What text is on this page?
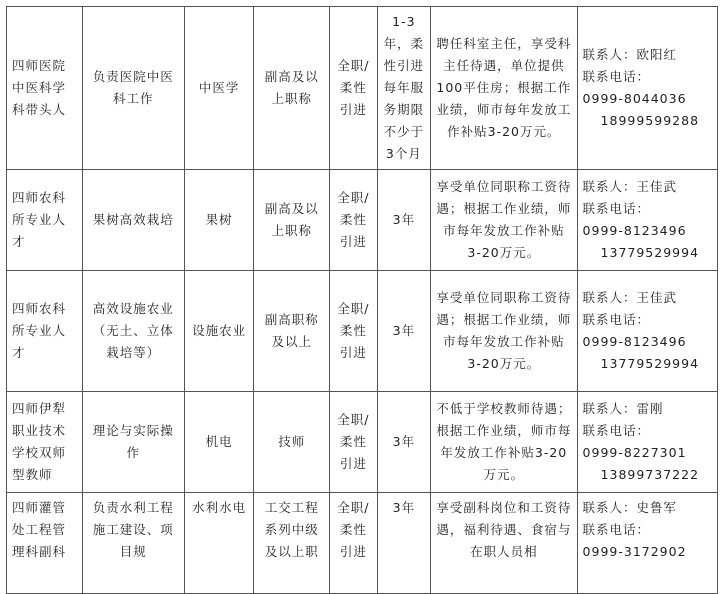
四师医院中医科学科带头人	负责医院中医科工作	中医学	副高及以上职称	全职/柔性引进	1-3年，柔性引进每年服务期限不少于3个月	聘任科室主任，享受科主任待遇，单位提供100平住房；根据工作业绩，师市每年发放工作补贴3-20万元。	联系人：欧阳红
联系电话：
0999-8044036
18999599288

四师农科所专业人才	果树高效栽培	果树	副高及以上职称	全职/柔性引进	3年	享受单位同职称工资待遇；根据工作业绩，师市每年发放工作补贴3-20万元。	联系人：王佳武
联系电话：
0999-8123496
13779529994

四师农科所专业人才	高效设施农业（无土、立体栽培等）	设施农业	副高职称及以上	全职/柔性引进	3年	享受单位同职称工资待遇；根据工作业绩，师市每年发放工作补贴3-20万元。	联系人：王佳武
联系电话：
0999-8123496
13779529994

四师伊犁职业技术学校双师型教师	理论与实际操作	机电	技师	全职/柔性引进	3年	不低于学校教师待遇；根据工作业绩，师市每年发放工作补贴3-20万元。	联系人：雷刚
联系电话：
0999-8227301
13899737222

四师灌管处工程管理科副科	负责水利工程施工建设、项目规	水利水电	工交工程系列中级及以上职	全职/柔性引进	3年	享受副科岗位和工资待遇，福利待遇、食宿与在职人员相	联系人：史鲁军
联系电话：
0999-3172902
